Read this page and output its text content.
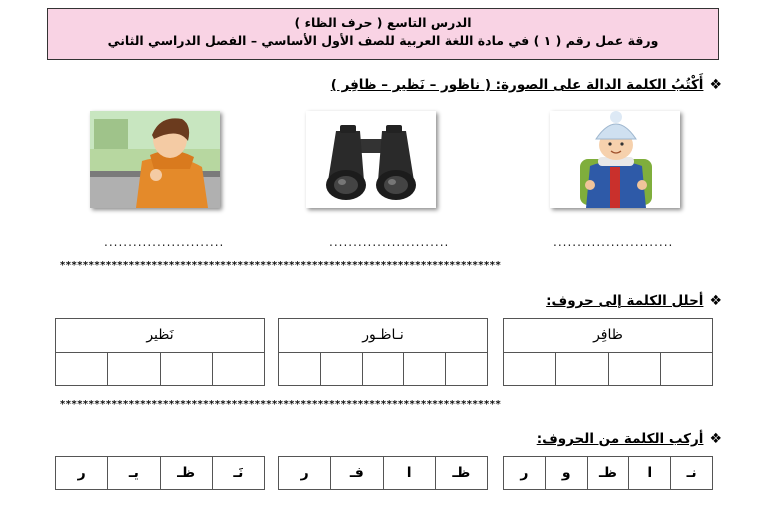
الدرس التاسع ( حرف الظاء )
ورقة عمل رقم ( ١ ) في مادة اللغة العربية للصف الأول الأساسي – الفصل الدراسي الثاني
❖أَكْتُبُ الكلمة الدالة على الصورة: ( ناظور – نَظير – ظافِر )
.........................
.........................
.........................
*****************************************************************************
❖أحلل الكلمة إلى حروف:
ظافِر
نـاظـور
نَظير
*****************************************************************************
❖أركب الكلمة من الحروف:
نـ
ا
ظـ
و
ر
ظـ
ا
فـ
ر
نَـ
ظـ
يـ
ر
